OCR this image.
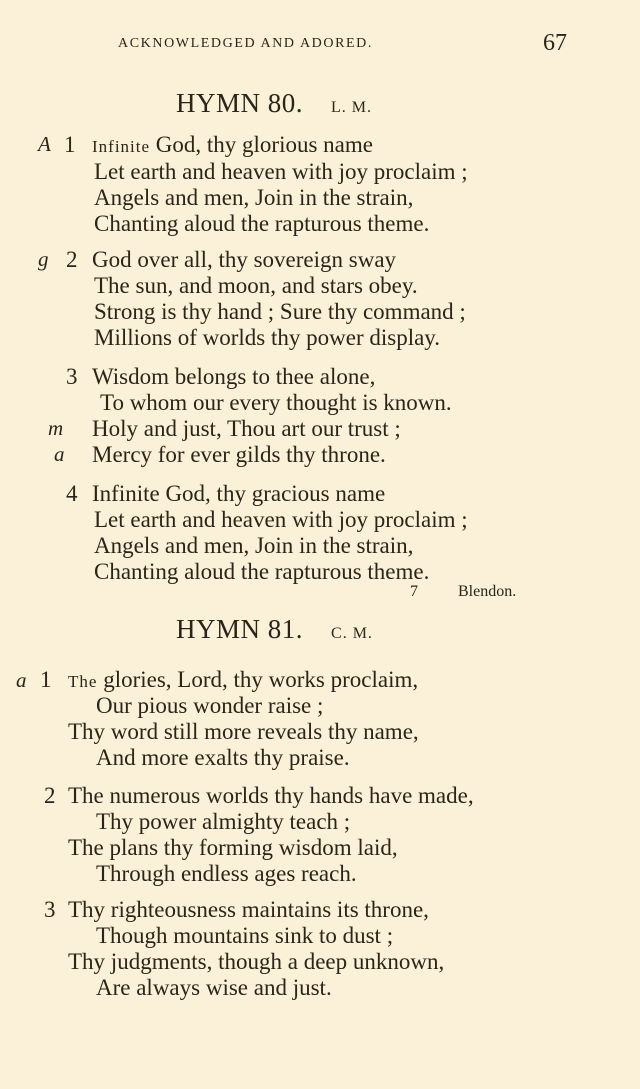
ACKNOWLEDGED AND ADORED.	67
HYMN 80. L. M.
A 1 Infinite God, thy glorious name
Let earth and heaven with joy proclaim ;
Angels and men, Join in the strain,
Chanting aloud the rapturous theme.
g 2 God over all, thy sovereign sway
The sun, and moon, and stars obey.
Strong is thy hand ; Sure thy command ;
Millions of worlds thy power display.
3 Wisdom belongs to thee alone,
To whom our every thought is known.
m Holy and just, Thou art our trust ;
a Mercy for ever gilds thy throne.
4 Infinite God, thy gracious name
Let earth and heaven with joy proclaim ;
Angels and men, Join in the strain,
Chanting aloud the rapturous theme.
7	Blendon.
HYMN 81. C. M.
a 1 The glories, Lord, thy works proclaim,
Our pious wonder raise ;
Thy word still more reveals thy name,
And more exalts thy praise.
2 The numerous worlds thy hands have made,
Thy power almighty teach ;
The plans thy forming wisdom laid,
Through endless ages reach.
3 Thy righteousness maintains its throne,
Though mountains sink to dust ;
Thy judgments, though a deep unknown,
Are always wise and just.
